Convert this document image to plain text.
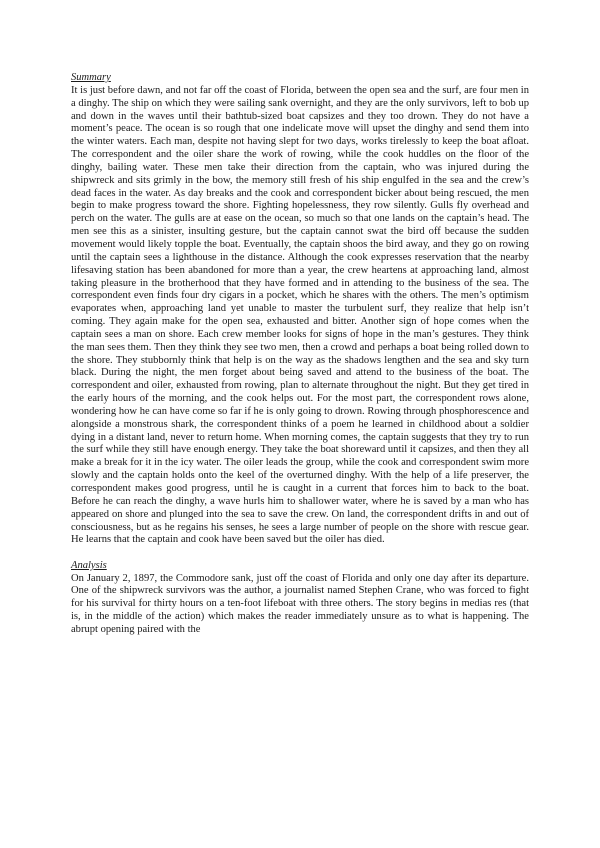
Summary

It is just before dawn, and not far off the coast of Florida, between the open sea and the surf, are four men in a dinghy. The ship on which they were sailing sank overnight, and they are the only survivors, left to bob up and down in the waves until their bathtub-sized boat capsizes and they too drown. They do not have a moment’s peace. The ocean is so rough that one indelicate move will upset the dinghy and send them into the winter waters. Each man, despite not having slept for two days, works tirelessly to keep the boat afloat. The correspondent and the oiler share the work of rowing, while the cook huddles on the floor of the dinghy, bailing water. These men take their direction from the captain, who was injured during the shipwreck and sits grimly in the bow, the memory still fresh of his ship engulfed in the sea and the crew’s dead faces in the water. As day breaks and the cook and correspondent bicker about being rescued, the men begin to make progress toward the shore. Fighting hopelessness, they row silently. Gulls fly overhead and perch on the water. The gulls are at ease on the ocean, so much so that one lands on the captain’s head. The men see this as a sinister, insulting gesture, but the captain cannot swat the bird off because the sudden movement would likely topple the boat. Eventually, the captain shoos the bird away, and they go on rowing until the captain sees a lighthouse in the distance. Although the cook expresses reservation that the nearby lifesaving station has been abandoned for more than a year, the crew heartens at approaching land, almost taking pleasure in the brotherhood that they have formed and in attending to the business of the sea. The correspondent even finds four dry cigars in a pocket, which he shares with the others. The men’s optimism evaporates when, approaching land yet unable to master the turbulent surf, they realize that help isn’t coming. They again make for the open sea, exhausted and bitter. Another sign of hope comes when the captain sees a man on shore. Each crew member looks for signs of hope in the man’s gestures. They think the man sees them. Then they think they see two men, then a crowd and perhaps a boat being rolled down to the shore. They stubbornly think that help is on the way as the shadows lengthen and the sea and sky turn black. During the night, the men forget about being saved and attend to the business of the boat. The correspondent and oiler, exhausted from rowing, plan to alternate throughout the night. But they get tired in the early hours of the morning, and the cook helps out. For the most part, the correspondent rows alone, wondering how he can have come so far if he is only going to drown. Rowing through phosphorescence and alongside a monstrous shark, the correspondent thinks of a poem he learned in childhood about a soldier dying in a distant land, never to return home. When morning comes, the captain suggests that they try to run the surf while they still have enough energy. They take the boat shoreward until it capsizes, and then they all make a break for it in the icy water. The oiler leads the group, while the cook and correspondent swim more slowly and the captain holds onto the keel of the overturned dinghy. With the help of a life preserver, the correspondent makes good progress, until he is caught in a current that forces him to back to the boat. Before he can reach the dinghy, a wave hurls him to shallower water, where he is saved by a man who has appeared on shore and plunged into the sea to save the crew. On land, the correspondent drifts in and out of consciousness, but as he regains his senses, he sees a large number of people on the shore with rescue gear. He learns that the captain and cook have been saved but the oiler has died.

Analysis

On January 2, 1897, the Commodore sank, just off the coast of Florida and only one day after its departure. One of the shipwreck survivors was the author, a journalist named Stephen Crane, who was forced to fight for his survival for thirty hours on a ten-foot lifeboat with three others. The story begins in medias res (that is, in the middle of the action) which makes the reader immediately unsure as to what is happening. The abrupt opening paired with the
